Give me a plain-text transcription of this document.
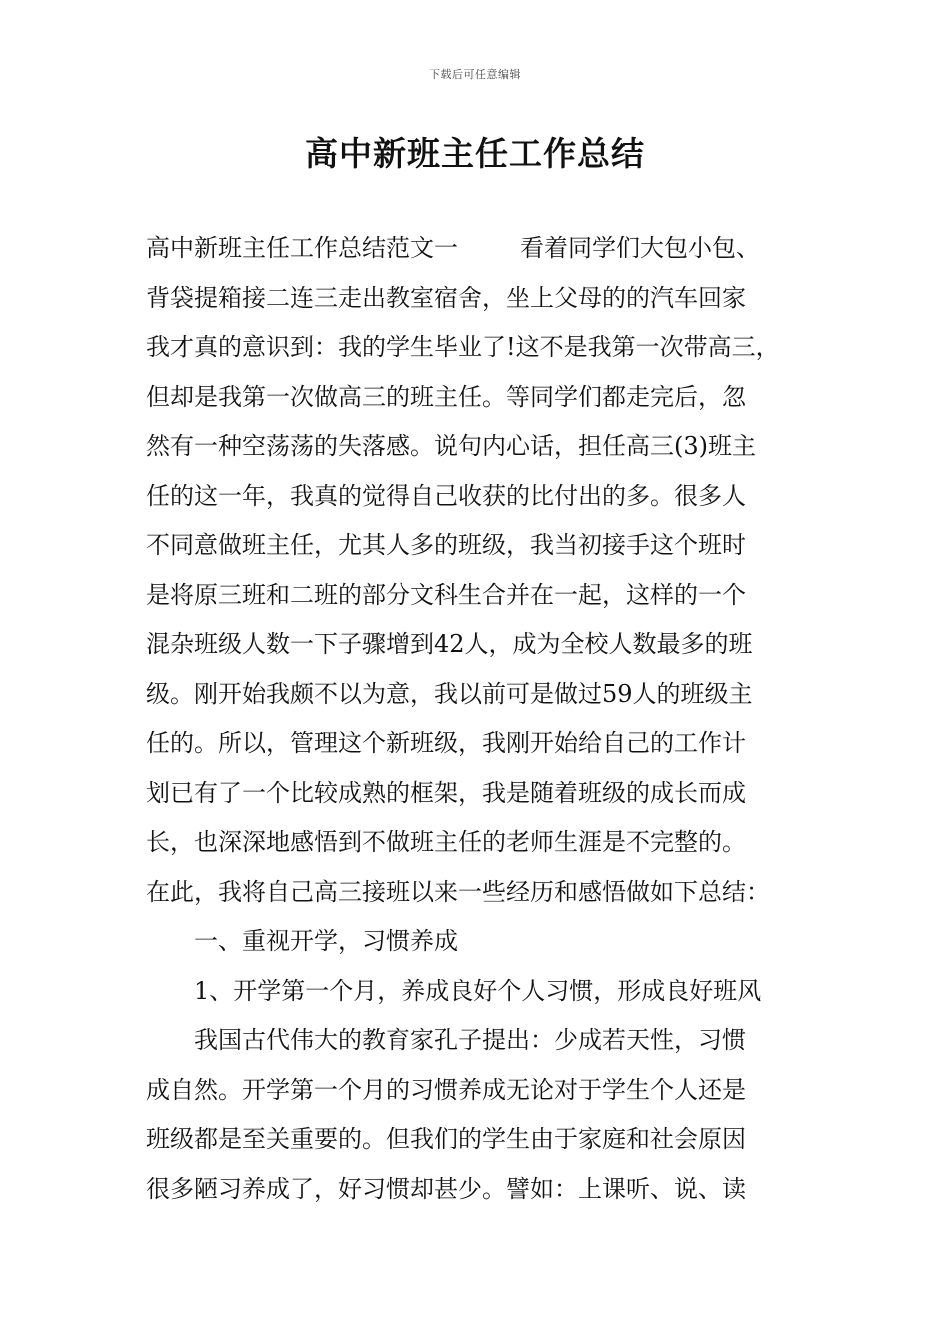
下载后可任意编辑
高中新班主任工作总结
高中新班主任工作总结范文一	看着同学们大包小包、
背袋提箱接二连三走出教室宿舍，坐上父母的的汽车回家
我才真的意识到：我的学生毕业了!这不是我第一次带高三，
但却是我第一次做高三的班主任。等同学们都走完后，忽
然有一种空荡荡的失落感。说句内心话，担任高三(3)班主
任的这一年，我真的觉得自己收获的比付出的多。很多人
不同意做班主任，尤其人多的班级，我当初接手这个班时
是将原三班和二班的部分文科生合并在一起，这样的一个
混杂班级人数一下子骤增到42人，成为全校人数最多的班
级。刚开始我颇不以为意，我以前可是做过59人的班级主
任的。所以，管理这个新班级，我刚开始给自己的工作计
划已有了一个比较成熟的框架，我是随着班级的成长而成
长，也深深地感悟到不做班主任的老师生涯是不完整的。
在此，我将自己高三接班以来一些经历和感悟做如下总结：
一、重视开学，习惯养成
1、开学第一个月，养成良好个人习惯，形成良好班风
我国古代伟大的教育家孔子提出：少成若天性，习惯
成自然。开学第一个月的习惯养成无论对于学生个人还是
班级都是至关重要的。但我们的学生由于家庭和社会原因
很多陋习养成了，好习惯却甚少。譬如：上课听、说、读
